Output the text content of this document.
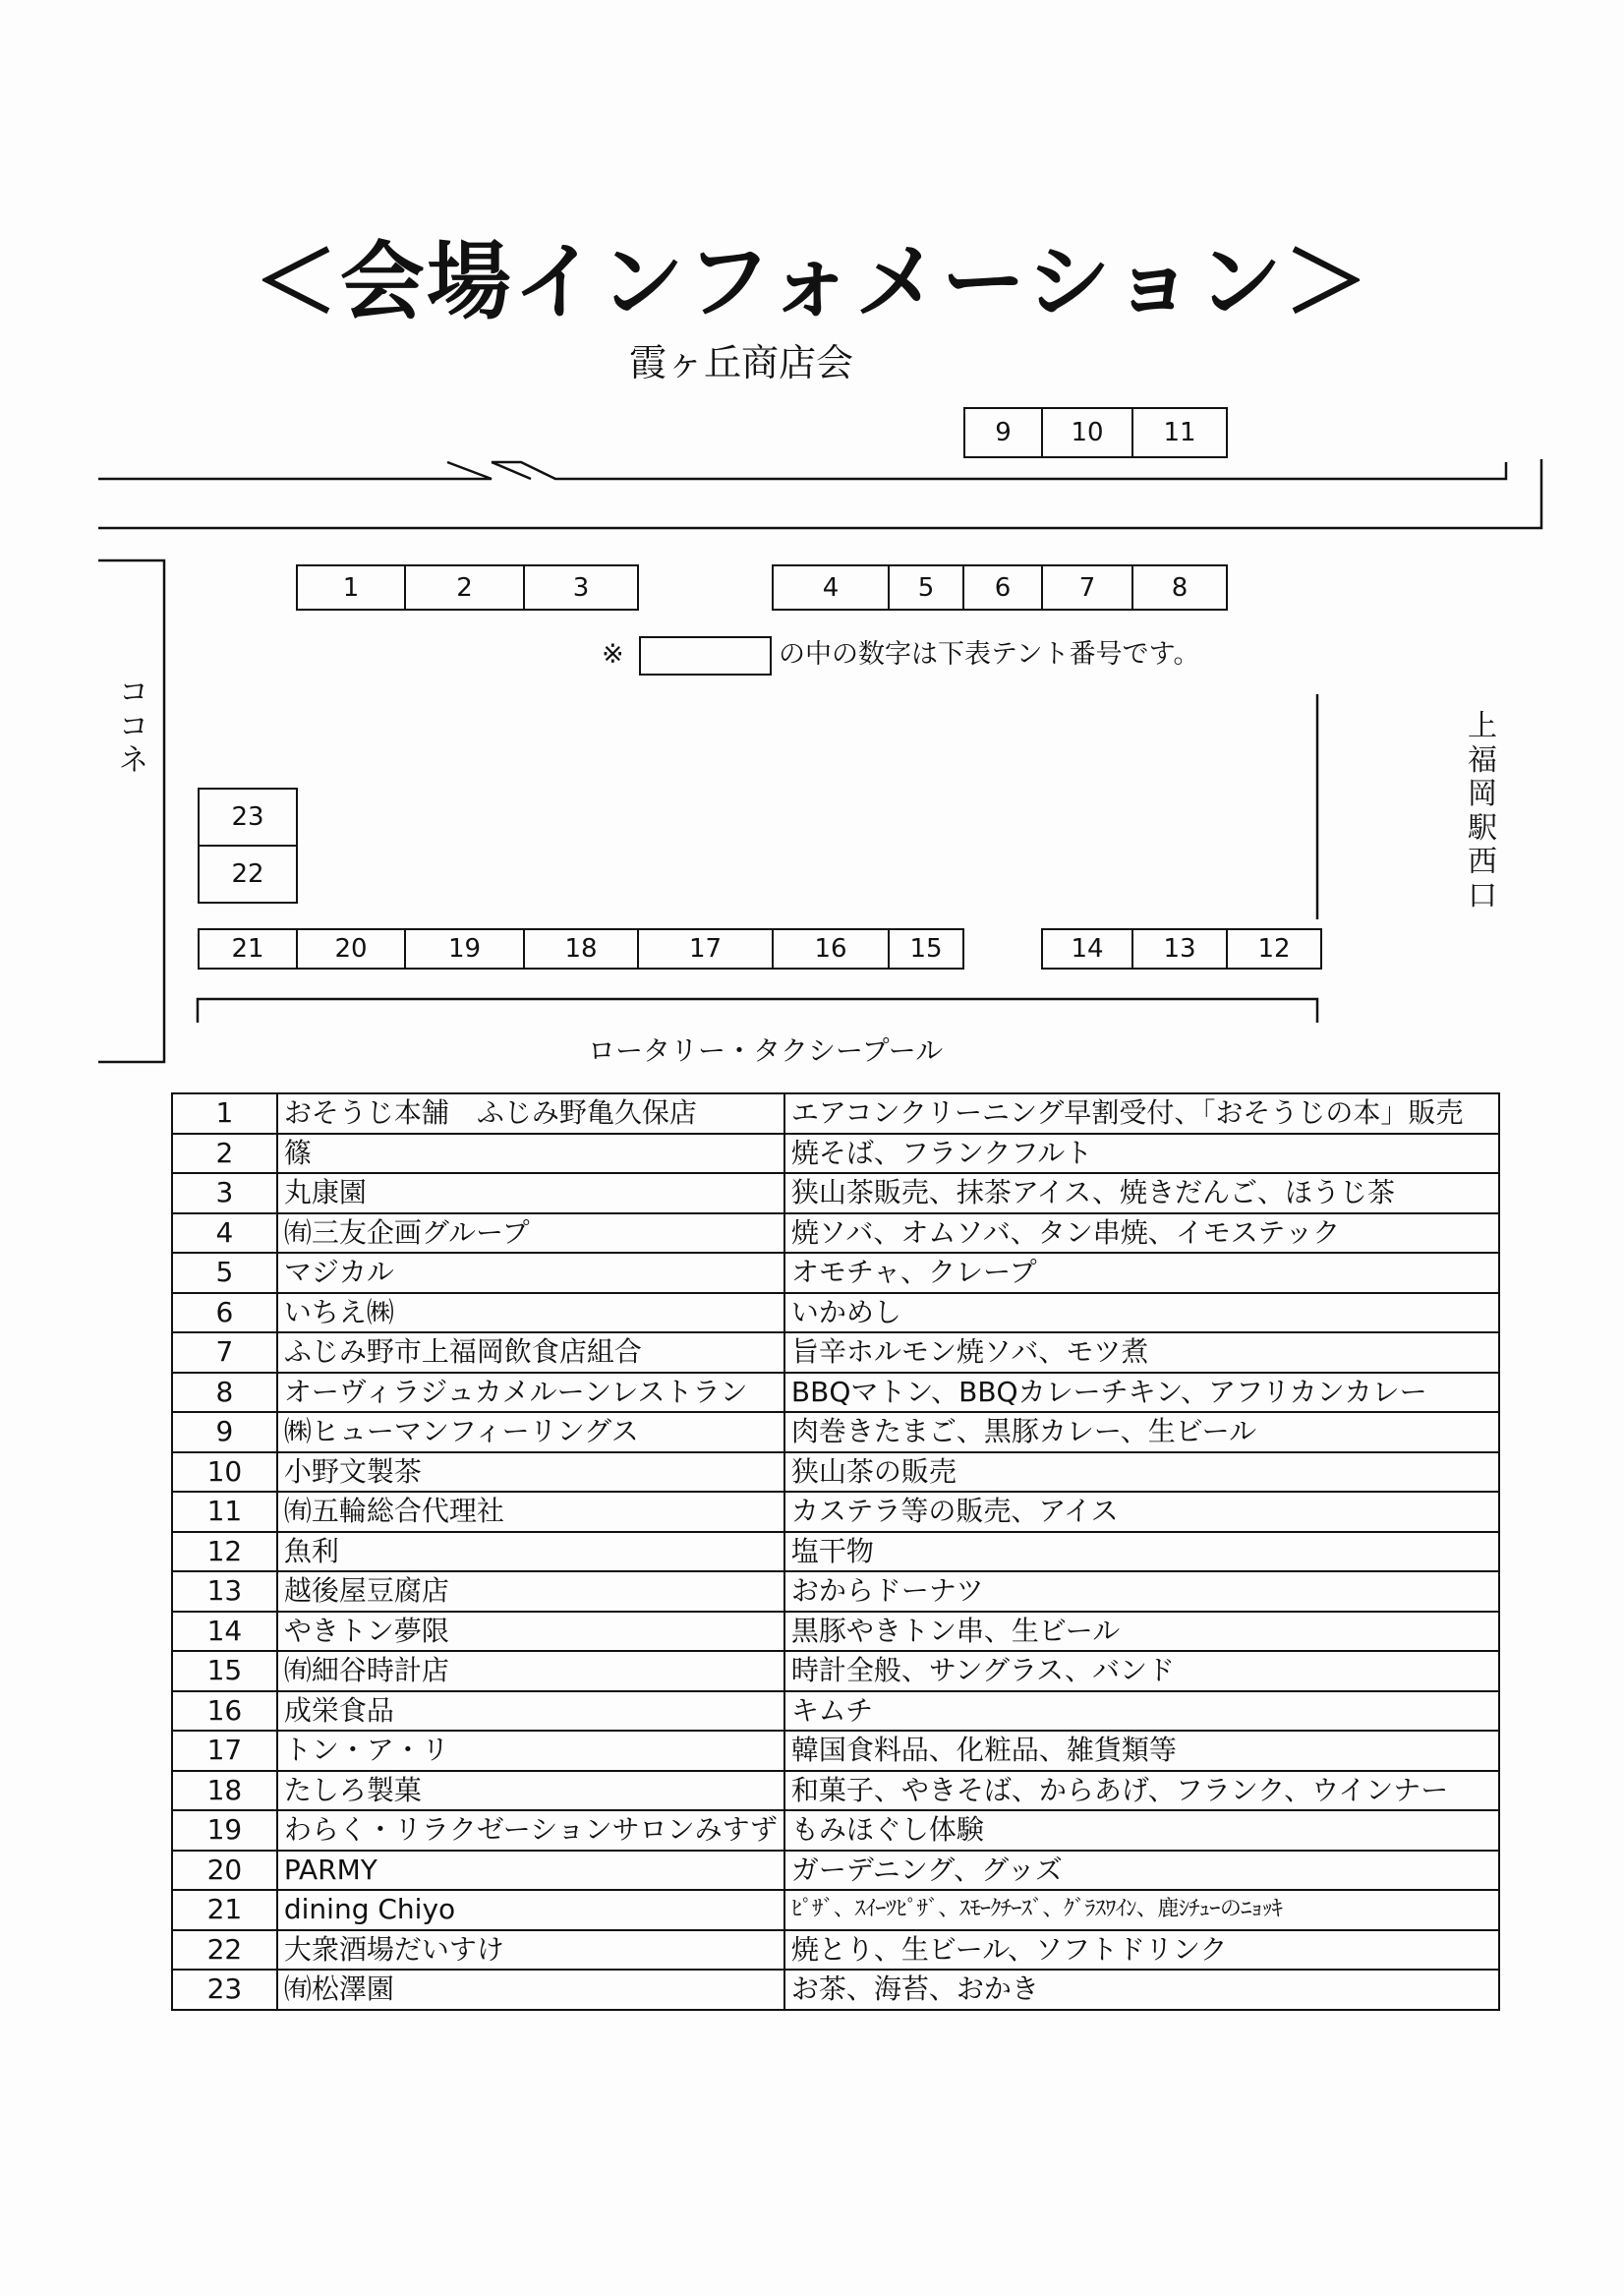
＜会場インフォメーション＞
霞ヶ丘商店会
9	10	11
1	2	3	4	5	6	7	8
※	の中の数字は下表テント番号です。
23
22
21	20	19	18	17	16	15	14	13	12
コ
コ
ネ
上
福
岡
駅
西
口
ロータリー・タクシープール
1	おそうじ本舗　ふじみ野亀久保店	エアコンクリーニング早割受付、「おそうじの本」販売
2	篠	焼そば、フランクフルト
3	丸康園	狭山茶販売、抹茶アイス、焼きだんご、ほうじ茶
4	㈲三友企画グループ	焼ソバ、オムソバ、タン串焼、イモステック
5	マジカル	オモチャ、クレープ
6	いちえ㈱	いかめし
7	ふじみ野市上福岡飲食店組合	旨辛ホルモン焼ソバ、モツ煮
8	オーヴィラジュカメルーンレストラン	BBQマトン、BBQカレーチキン、アフリカンカレー
9	㈱ヒューマンフィーリングス	肉巻きたまご、黒豚カレー、生ビール
10	小野文製茶	狭山茶の販売
11	㈲五輪総合代理社	カステラ等の販売、アイス
12	魚利	塩干物
13	越後屋豆腐店	おからドーナツ
14	やきトン夢限	黒豚やきトン串、生ビール
15	㈲細谷時計店	時計全般、サングラス、バンド
16	成栄食品	キムチ
17	トン・ア・リ	韓国食料品、化粧品、雑貨類等
18	たしろ製菓	和菓子、やきそば、からあげ、フランク、ウインナー
19	わらく・リラクゼーションサロンみすず	もみほぐし体験
20	PARMY	ガーデニング、グッズ
21	dining Chiyo	ﾋﾟｻﾞ、ｽｲｰﾂﾋﾟｻﾞ、ｽﾓｰｸﾁｰｽﾞ、ｸﾞﾗｽﾜｲﾝ、鹿ｼﾁｭｰのﾆｮｯｷ
22	大衆酒場だいすけ	焼とり、生ビール、ソフトドリンク
23	㈲松澤園	お茶、海苔、おかき
